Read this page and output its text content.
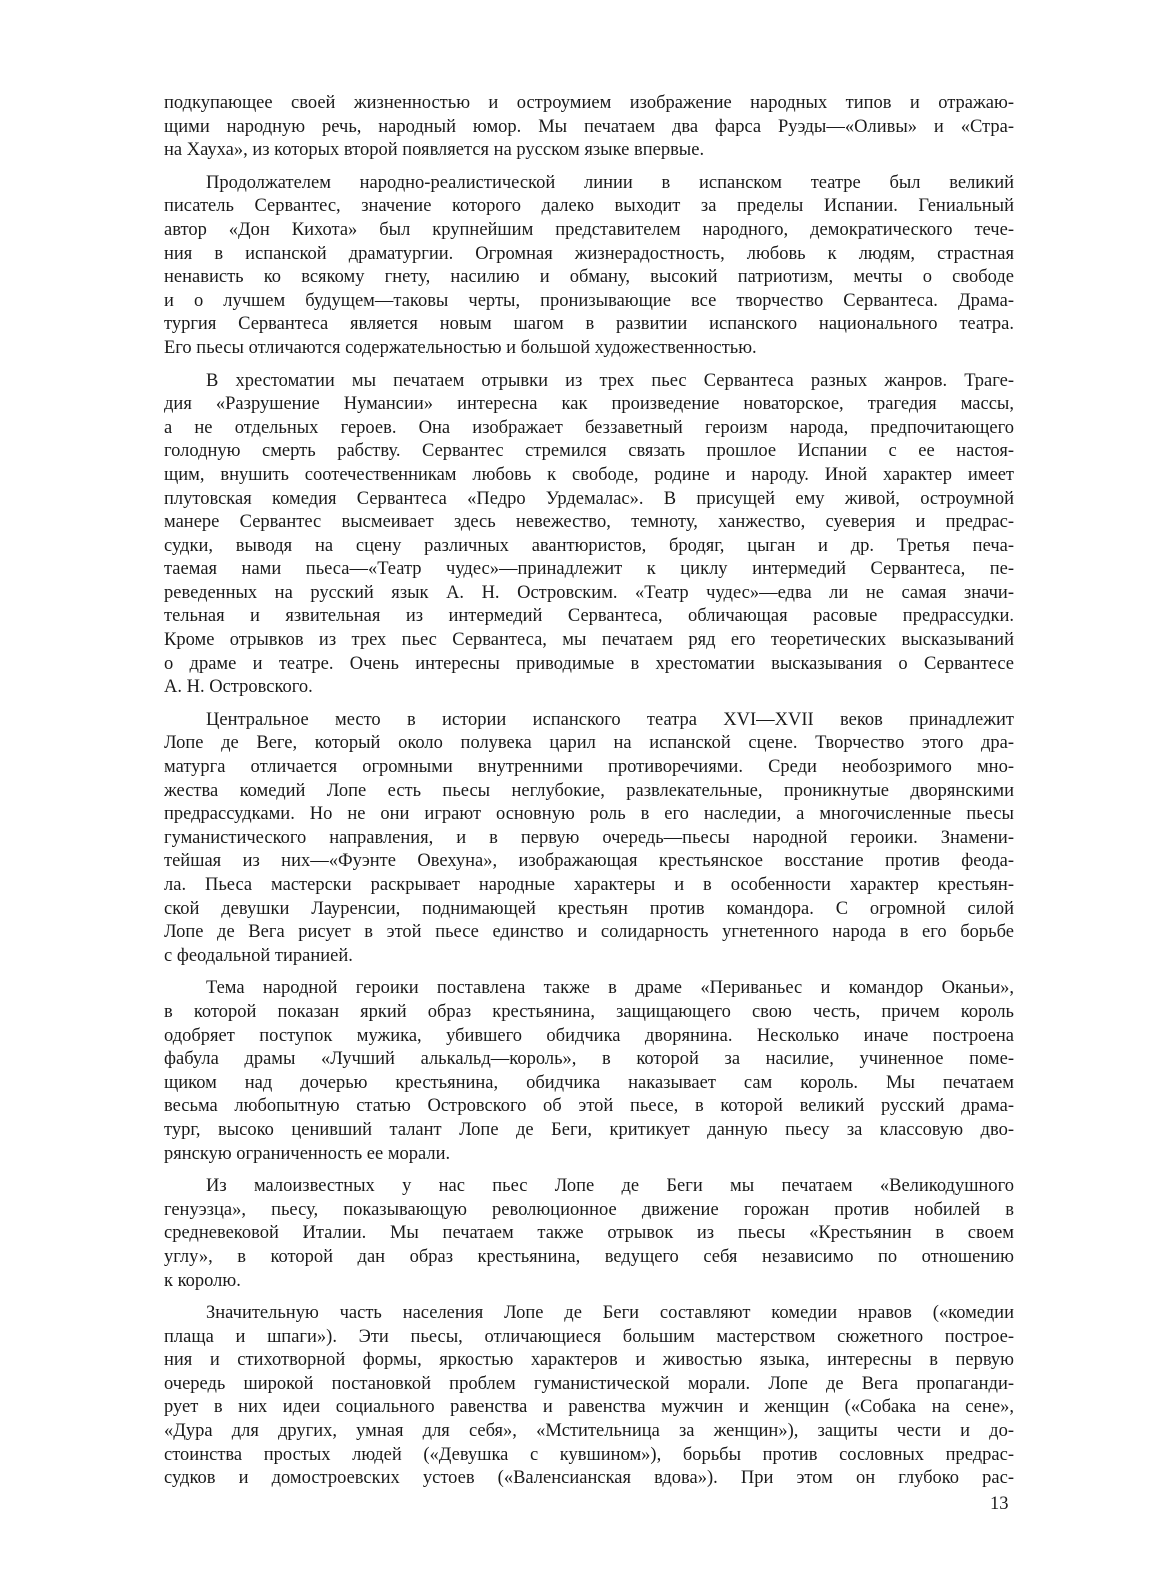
подкупающее своей жизненностью и остроумием изображение народных типов и отражаю-
щими народную речь, народный юмор. Мы печатаем два фарса Руэды—«Оливы» и «Стра-
на Хауха», из которых второй появляется на русском языке впервые.
Продолжателем народно-реалистической линии в испанском театре был великий
писатель Сервантес, значение которого далеко выходит за пределы Испании. Гениальный
автор «Дон Кихота» был крупнейшим представителем народного, демократического тече-
ния в испанской драматургии. Огромная жизнерадостность, любовь к людям, страстная
ненависть ко всякому гнету, насилию и обману, высокий патриотизм, мечты о свободе
и о лучшем будущем—таковы черты, пронизывающие все творчество Сервантеса. Драма-
тургия Сервантеса является новым шагом в развитии испанского национального театра.
Его пьесы отличаются содержательностью и большой художественностью.
В хрестоматии мы печатаем отрывки из трех пьес Сервантеса разных жанров. Траге-
дия «Разрушение Нумансии» интересна как произведение новаторское, трагедия массы,
а не отдельных героев. Она изображает беззаветный героизм народа, предпочитающего
голодную смерть рабству. Сервантес стремился связать прошлое Испании с ее настоя-
щим, внушить соотечественникам любовь к свободе, родине и народу. Иной характер имеет
плутовская комедия Сервантеса «Педро Урдемалас». В присущей ему живой, остроумной
манере Сервантес высмеивает здесь невежество, темноту, ханжество, суеверия и предрас-
судки, выводя на сцену различных авантюристов, бродяг, цыган и др. Третья печа-
таемая нами пьеса—«Театр чудес»—принадлежит к циклу интермедий Сервантеса, пе-
реведенных на русский язык А. Н. Островским. «Театр чудес»—едва ли не самая значи-
тельная и язвительная из интермедий Сервантеса, обличающая расовые предрассудки.
Кроме отрывков из трех пьес Сервантеса, мы печатаем ряд его теоретических высказываний
о драме и театре. Очень интересны приводимые в хрестоматии высказывания о Сервантесе
А. Н. Островского.
Центральное место в истории испанского театра XVI—XVII веков принадлежит
Лопе де Веге, который около полувека царил на испанской сцене. Творчество этого дра-
матурга отличается огромными внутренними противоречиями. Среди необозримого мно-
жества комедий Лопе есть пьесы неглубокие, развлекательные, проникнутые дворянскими
предрассудками. Но не они играют основную роль в его наследии, а многочисленные пьесы
гуманистического направления, и в первую очередь—пьесы народной героики. Знамени-
тейшая из них—«Фуэнте Овехуна», изображающая крестьянское восстание против феода-
ла. Пьеса мастерски раскрывает народные характеры и в особенности характер крестьян-
ской девушки Лауренсии, поднимающей крестьян против командора. С огромной силой
Лопе де Вега рисует в этой пьесе единство и солидарность угнетенного народа в его борьбе
с феодальной тиранией.
Тема народной героики поставлена также в драме «Периваньес и командор Оканьи»,
в которой показан яркий образ крестьянина, защищающего свою честь, причем король
одобряет поступок мужика, убившего обидчика дворянина. Несколько иначе построена
фабула драмы «Лучший алькальд—король», в которой за насилие, учиненное поме-
щиком над дочерью крестьянина, обидчика наказывает сам король. Мы печатаем
весьма любопытную статью Островского об этой пьесе, в которой великий русский драма-
тург, высоко ценивший талант Лопе де Беги, критикует данную пьесу за классовую дво-
рянскую ограниченность ее морали.
Из малоизвестных у нас пьес Лопе де Беги мы печатаем «Великодушного
генуэзца», пьесу, показывающую революционное движение горожан против нобилей в
средневековой Италии. Мы печатаем также отрывок из пьесы «Крестьянин в своем
углу», в которой дан образ крестьянина, ведущего себя независимо по отношению
к королю.
Значительную часть населения Лопе де Беги составляют комедии нравов («комедии
плаща и шпаги»). Эти пьесы, отличающиеся большим мастерством сюжетного построе-
ния и стихотворной формы, яркостью характеров и живостью языка, интересны в первую
очередь широкой постановкой проблем гуманистической морали. Лопе де Вега пропаганди-
рует в них идеи социального равенства и равенства мужчин и женщин («Собака на сене»,
«Дура для других, умная для себя», «Мстительница за женщин»), защиты чести и до-
стоинства простых людей («Девушка с кувшином»), борьбы против сословных предрас-
судков и домостроевских устоев («Валенсианская вдова»). При этом он глубоко рас-
13
